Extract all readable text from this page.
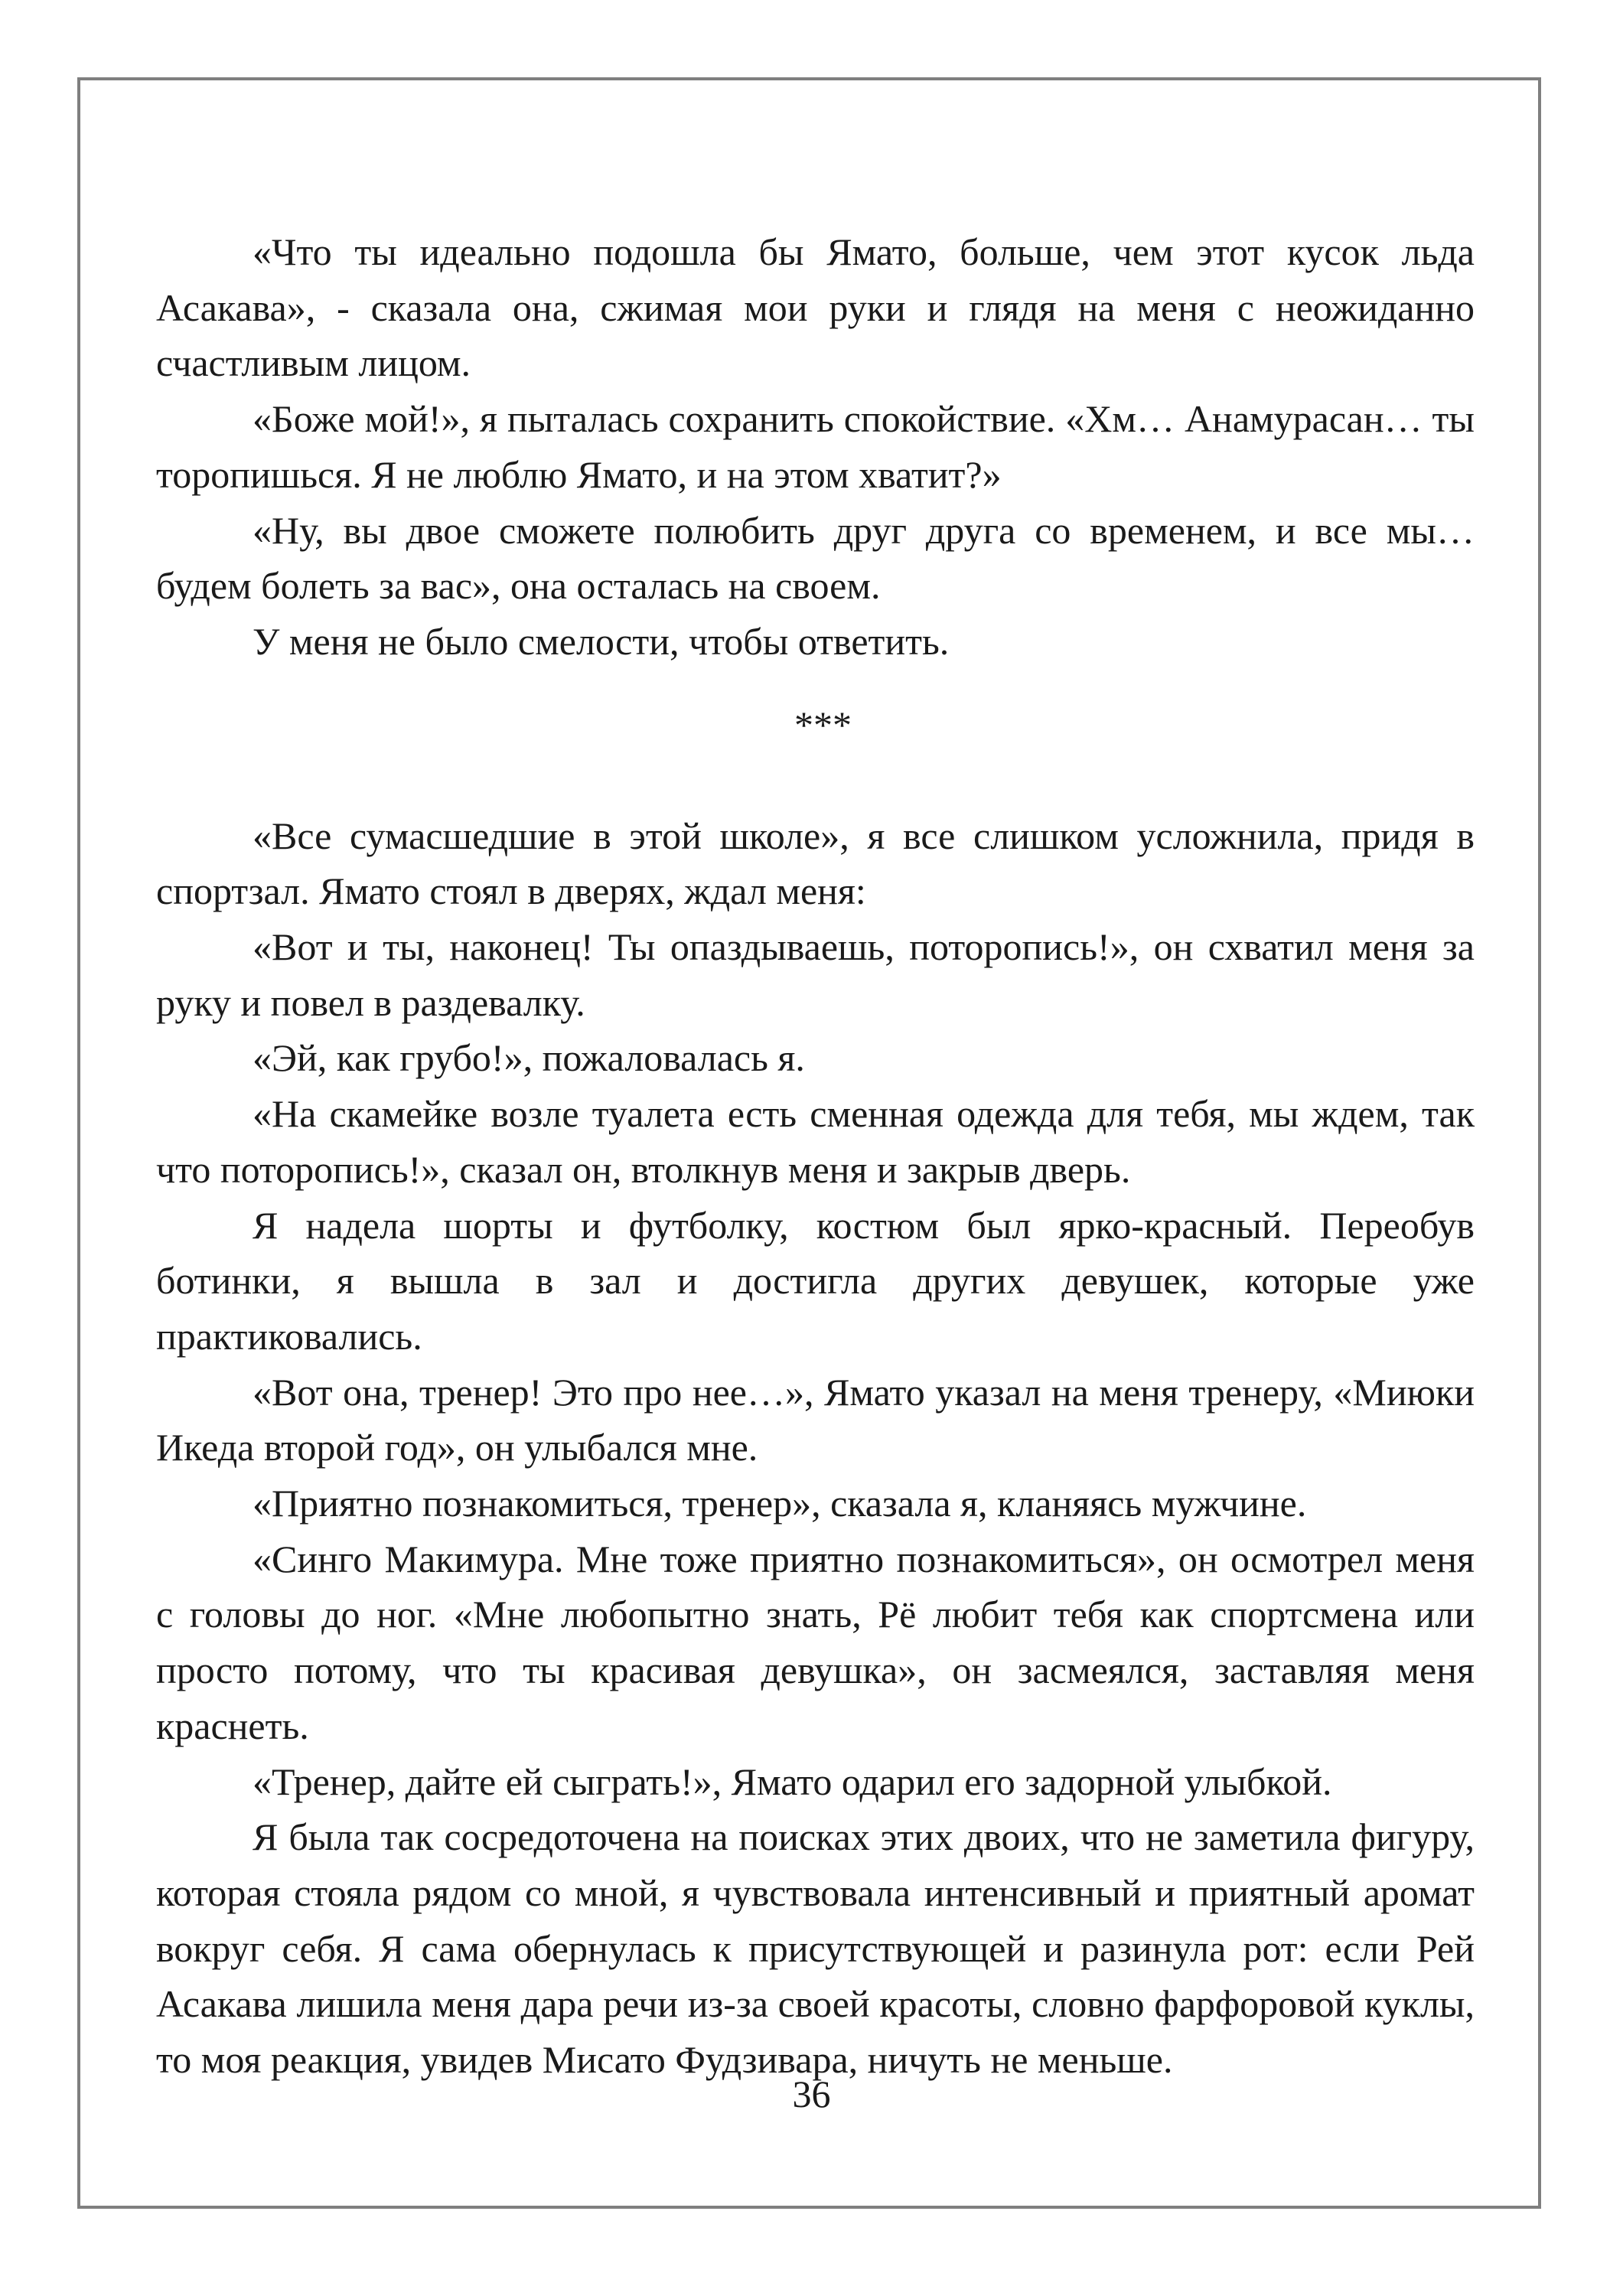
«Что ты идеально подошла бы Ямато, больше, чем этот кусок льда Асакава», - сказала она, сжимая мои руки и глядя на меня с неожиданно счастливым лицом.

«Боже мой!», я пыталась сохранить спокойствие. «Хм… Анамурасан… ты торопишься. Я не люблю Ямато, и на этом хватит?»

«Ну, вы двое сможете полюбить друг друга со временем, и все мы… будем болеть за вас», она осталась на своем.

У меня не было смелости, чтобы ответить.

***

«Все сумасшедшие в этой школе», я все слишком усложнила, придя в спортзал. Ямато стоял в дверях, ждал меня:

«Вот и ты, наконец! Ты опаздываешь, поторопись!», он схватил меня за руку и повел в раздевалку.

«Эй, как грубо!», пожаловалась я.

«На скамейке возле туалета есть сменная одежда для тебя, мы ждем, так что поторопись!», сказал он, втолкнув меня и закрыв дверь.

Я надела шорты и футболку, костюм был ярко-красный. Переобув ботинки, я вышла в зал и достигла других девушек, которые уже практиковались.

«Вот она, тренер! Это про нее…», Ямато указал на меня тренеру, «Миюки Икеда второй год», он улыбался мне.

«Приятно познакомиться, тренер», сказала я, кланяясь мужчине.

«Синго Макимура. Мне тоже приятно познакомиться», он осмотрел меня с головы до ног. «Мне любопытно знать, Рё любит тебя как спортсмена или просто потому, что ты красивая девушка», он засмеялся, заставляя меня краснеть.

«Тренер, дайте ей сыграть!», Ямато одарил его задорной улыбкой.

Я была так сосредоточена на поисках этих двоих, что не заметила фигуру, которая стояла рядом со мной, я чувствовала интенсивный и приятный аромат вокруг себя. Я сама обернулась к присутствующей и разинула рот: если Рей Асакава лишила меня дара речи из-за своей красоты, словно фарфоровой куклы, то моя реакция, увидев Мисато Фудзивара, ничуть не меньше.

36
